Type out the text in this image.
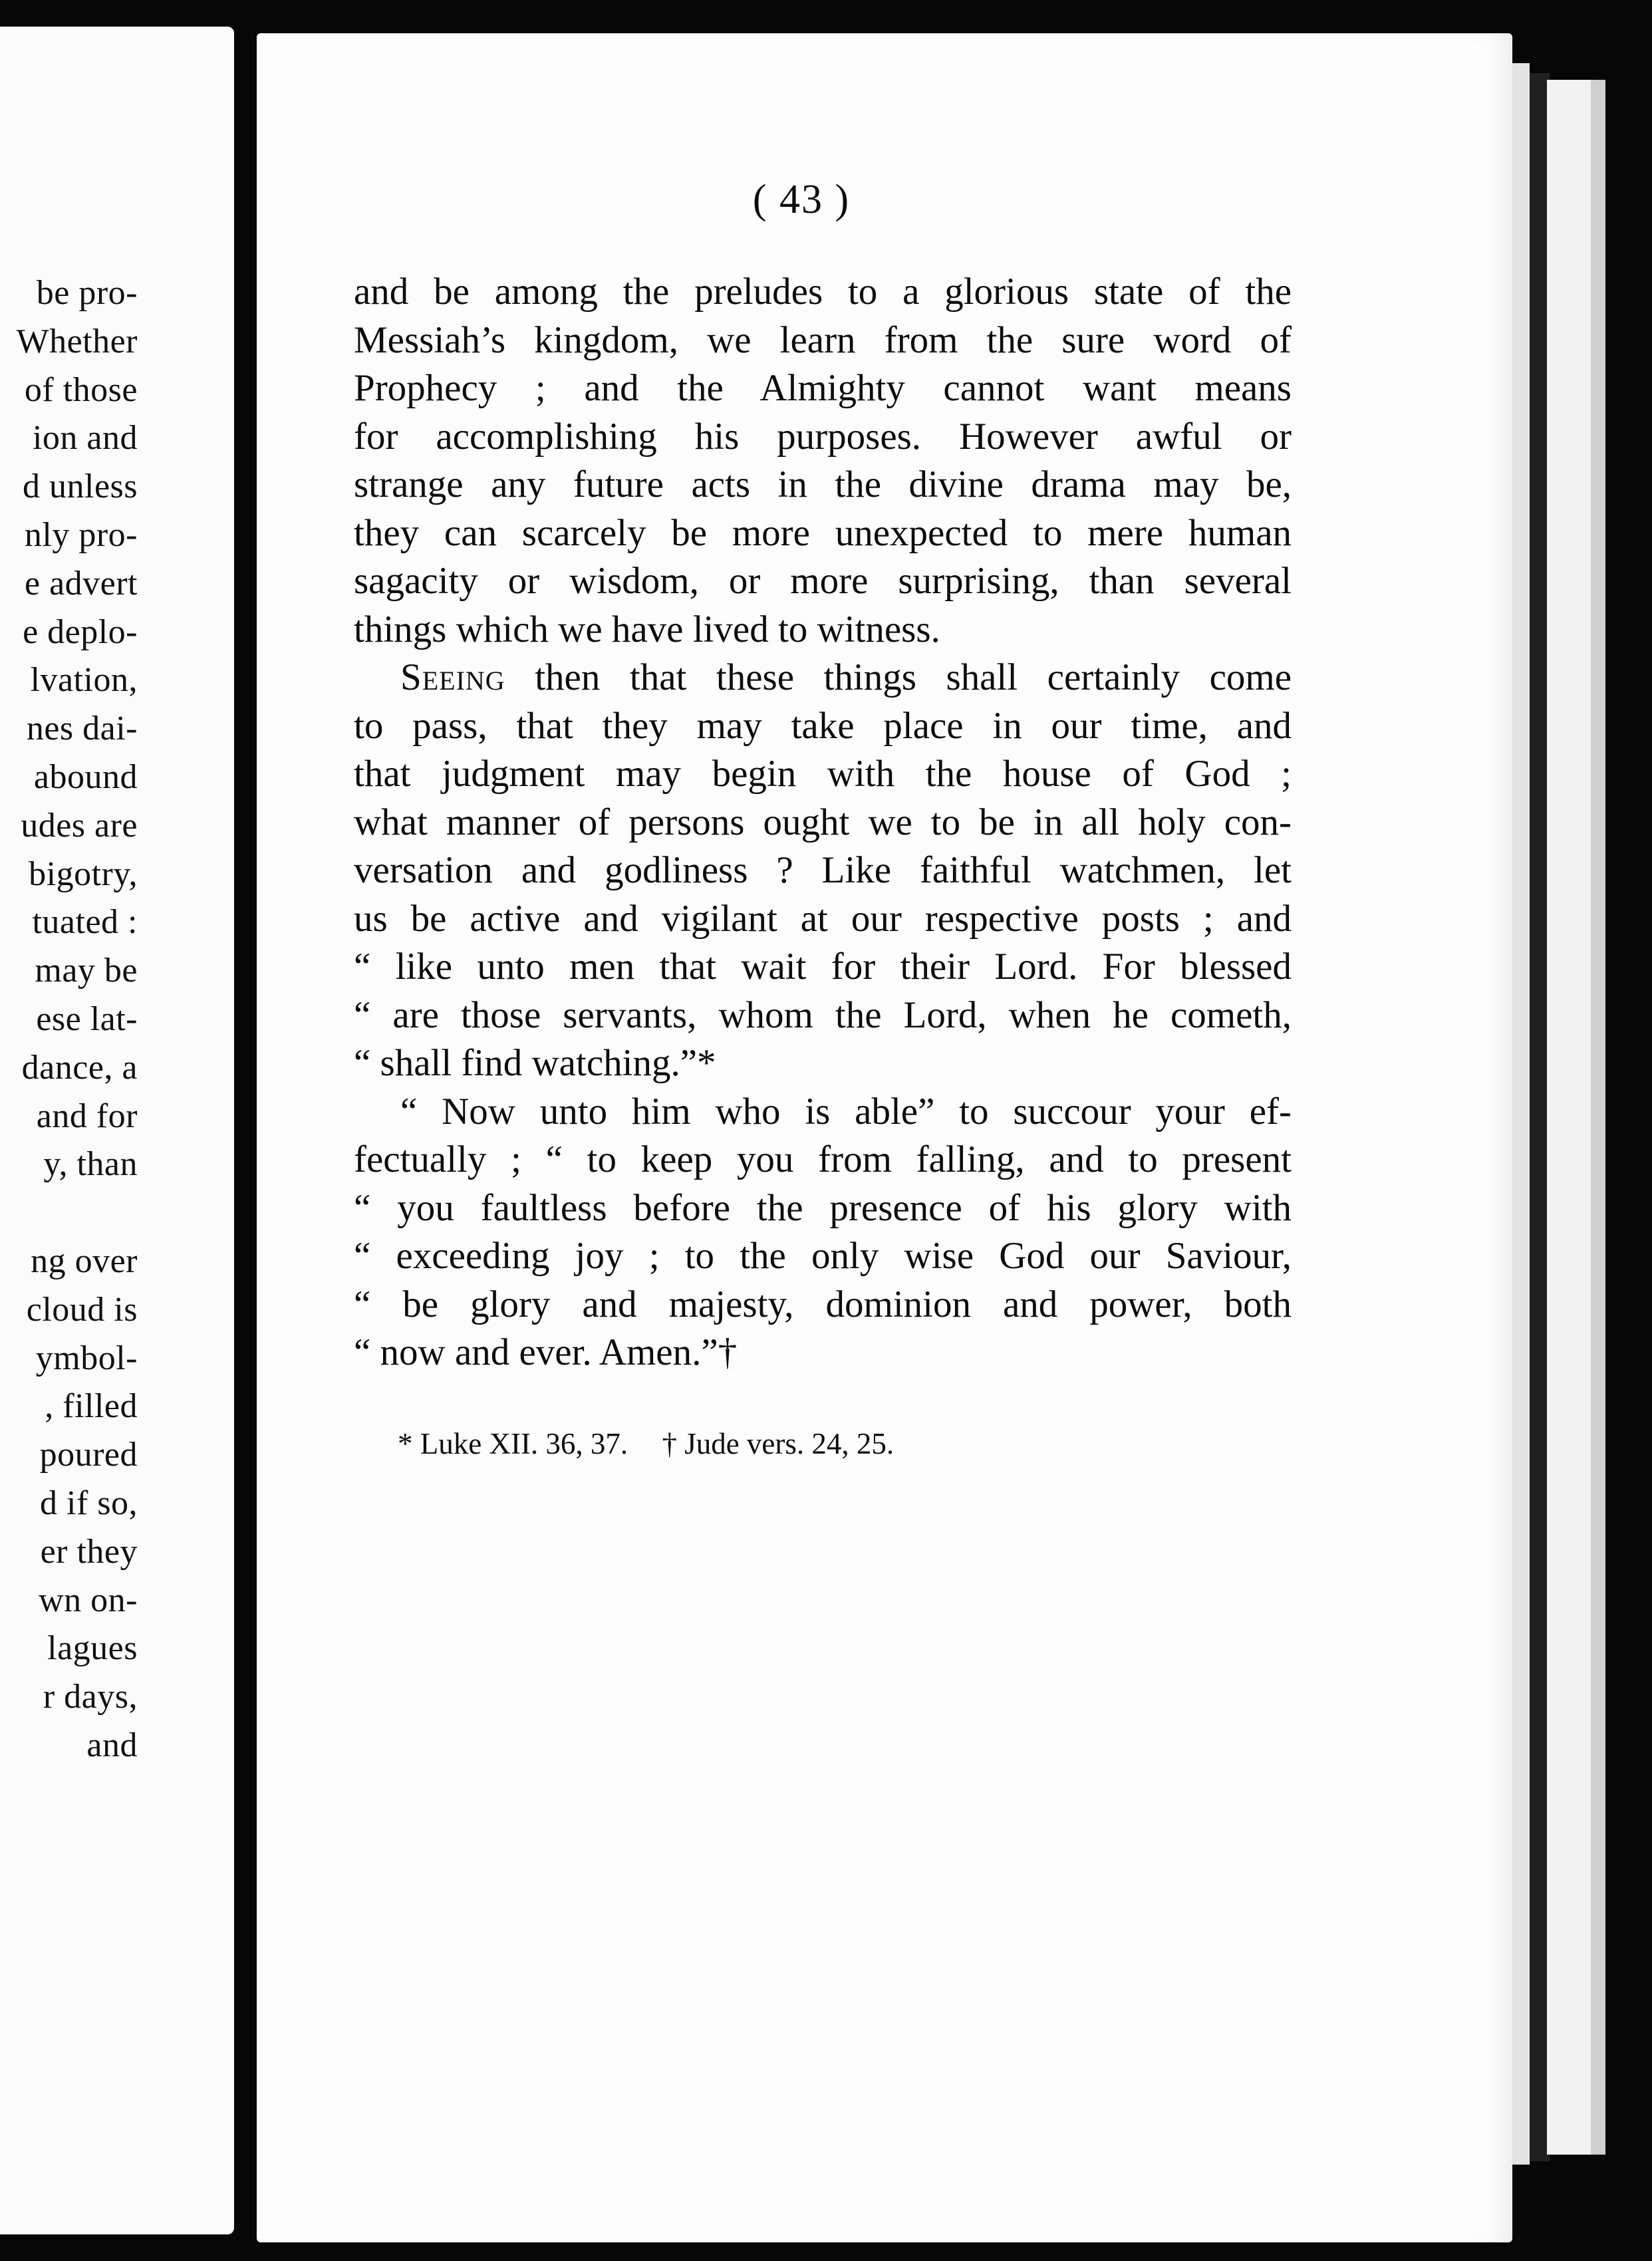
be pro-
Whether
of those
ion and
d unless
nly pro-
e advert
e deplo-
lvation,
nes dai-
abound
udes are
bigotry,
tuated :
may be
ese lat-
dance, a
and for
y, than
ng over
cloud is
ymbol-
, filled
poured
d if so,
er they
wn on-
lagues
r days,
and
( 43 )
and be among the preludes to a glorious state of the
Messiah’s kingdom, we learn from the sure word of
Prophecy ; and the Almighty cannot want means
for accomplishing his purposes. However awful or
strange any future acts in the divine drama may be,
they can scarcely be more unexpected to mere human
sagacity or wisdom, or more surprising, than several
things which we have lived to witness.
Seeing then that these things shall certainly come
to pass, that they may take place in our time, and
that judgment may begin with the house of God ;
what manner of persons ought we to be in all holy con-
versation and godliness ? Like faithful watchmen, let
us be active and vigilant at our respective posts ; and
“ like unto men that wait for their Lord. For blessed
“ are those servants, whom the Lord, when he cometh,
“ shall find watching.”*
“ Now unto him who is able” to succour your ef-
fectually ; “ to keep you from falling, and to present
“ you faultless before the presence of his glory with
“ exceeding joy ; to the only wise God our Saviour,
“ be glory and majesty, dominion and power, both
“ now and ever. Amen.”†
* Luke XII. 36, 37. † Jude vers. 24, 25.
